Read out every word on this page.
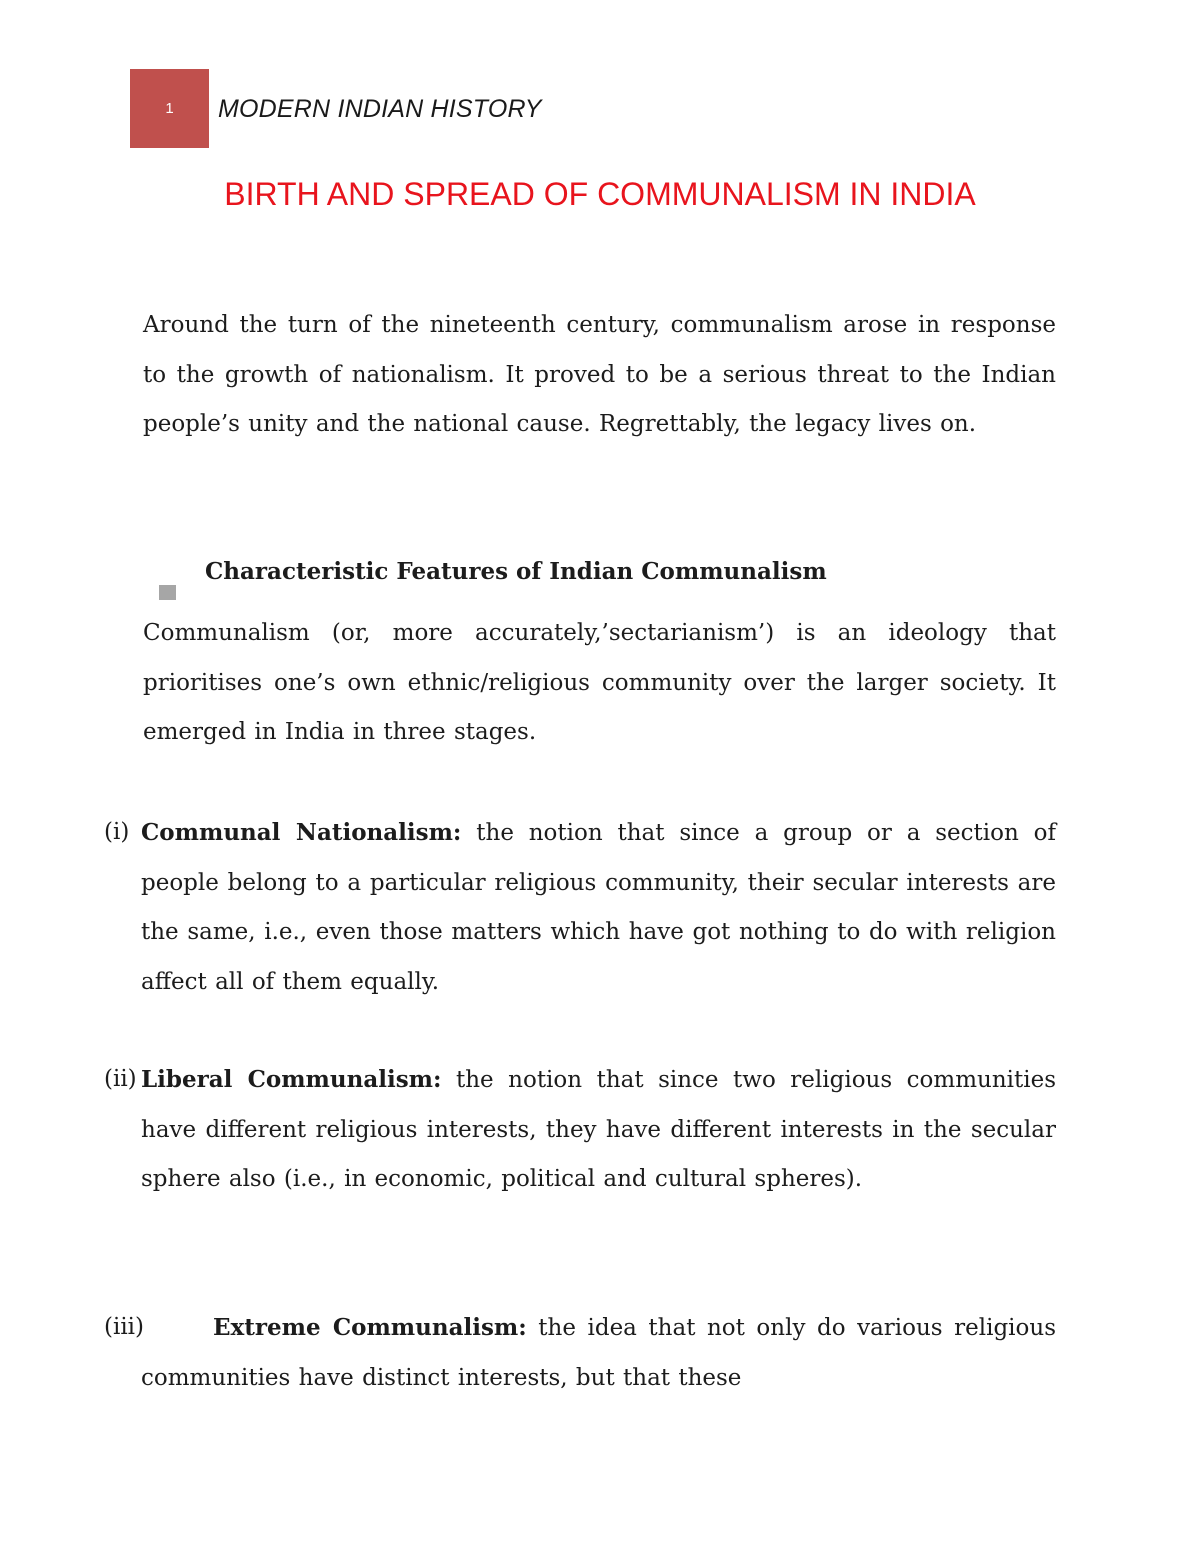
1 MODERN INDIAN HISTORY
BIRTH AND SPREAD OF COMMUNALISM IN INDIA
Around the turn of the nineteenth century, communalism arose in response to the growth of nationalism. It proved to be a serious threat to the Indian people’s unity and the national cause. Regrettably, the legacy lives on.
Characteristic Features of Indian Communalism
Communalism (or, more accurately,’sectarianism’) is an ideology that prioritises one’s own ethnic/religious community over the larger society. It emerged in India in three stages.
(i) Communal Nationalism: the notion that since a group or a section of people belong to a particular religious community, their secular interests are the same, i.e., even those matters which have got nothing to do with religion affect all of them equally.
(ii) Liberal Communalism: the notion that since two religious communities have different religious interests, they have different interests in the secular sphere also (i.e., in economic, political and cultural spheres).
(iii)	Extreme Communalism: the idea that not only do various religious communities have distinct interests, but that these
